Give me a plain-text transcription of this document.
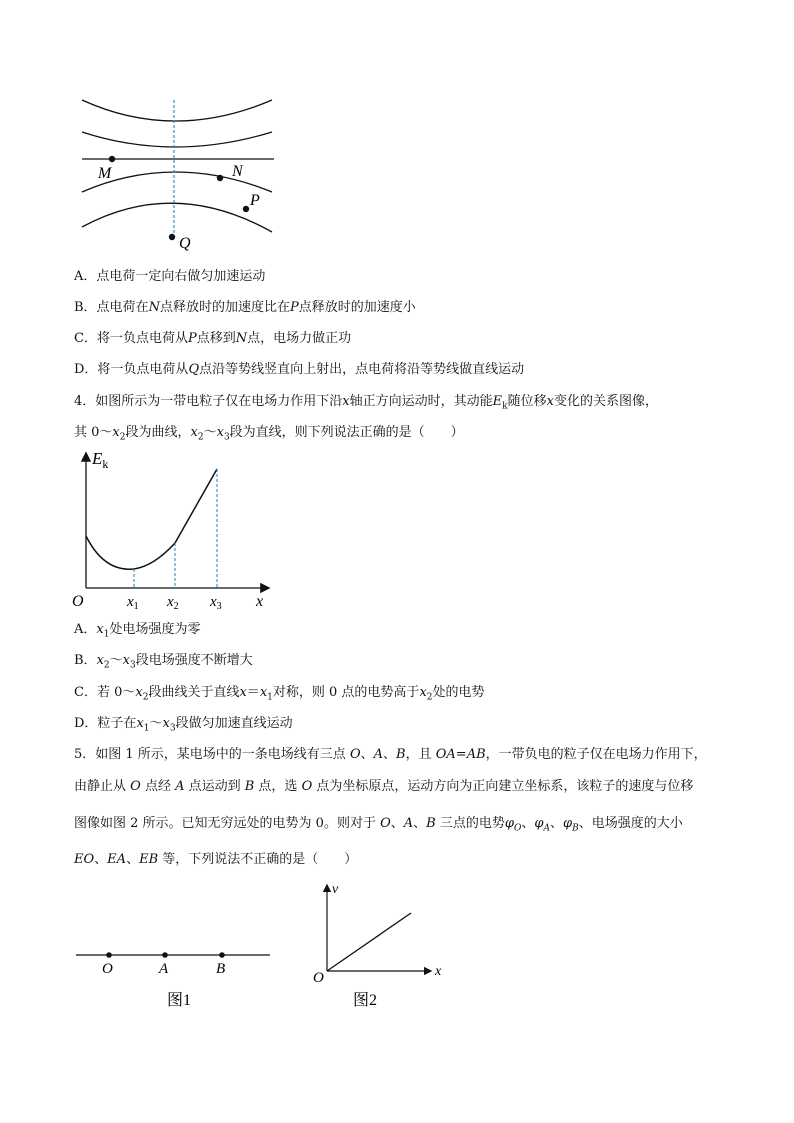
M	N
P
Q
A．点电荷一定向右做匀加速运动
B．点电荷在N点释放时的加速度比在P点释放时的加速度小
C．将一负点电荷从P点移到N点，电场力做正功
D．将一负点电荷从Q点沿等势线竖直向上射出，点电荷将沿等势线做直线运动
4．如图所示为一带电粒子仅在电场力作用下沿x轴正方向运动时，其动能$E_k$随位移x变化的关系图像，
其 $0\sim x_2$段为曲线，$x_2\sim x_3$段为直线，则下列说法正确的是（　　）
$E_k$
O	x
$x_1$ $x_2$ $x_3$
A．$x_1$处电场强度为零
B．$x_2\sim x_3$段电场强度不断增大
C．若 $0\sim x_2$段曲线关于直线$x=x_1$对称，则 0 点的电势高于$x_2$处的电势
D．粒子在$x_1\sim x_3$段做匀加速直线运动
5．如图 1 所示，某电场中的一条电场线有三点 O、A、B，且 OA=AB，一带负电的粒子仅在电场力作用下，
由静止从 O 点经 A 点运动到 B 点，选 O 点为坐标原点，运动方向为正向建立坐标系，该粒子的速度与位移
图像如图 2 所示。已知无穷远处的电势为 0。则对于 O、A、B 三点的电势$\varphi_O$、$\varphi_A$、$\varphi_B$、电场强度的大小
EO、EA、EB 等，下列说法不正确的是（　　）
O	A	B
图1
v
O	x
图2
